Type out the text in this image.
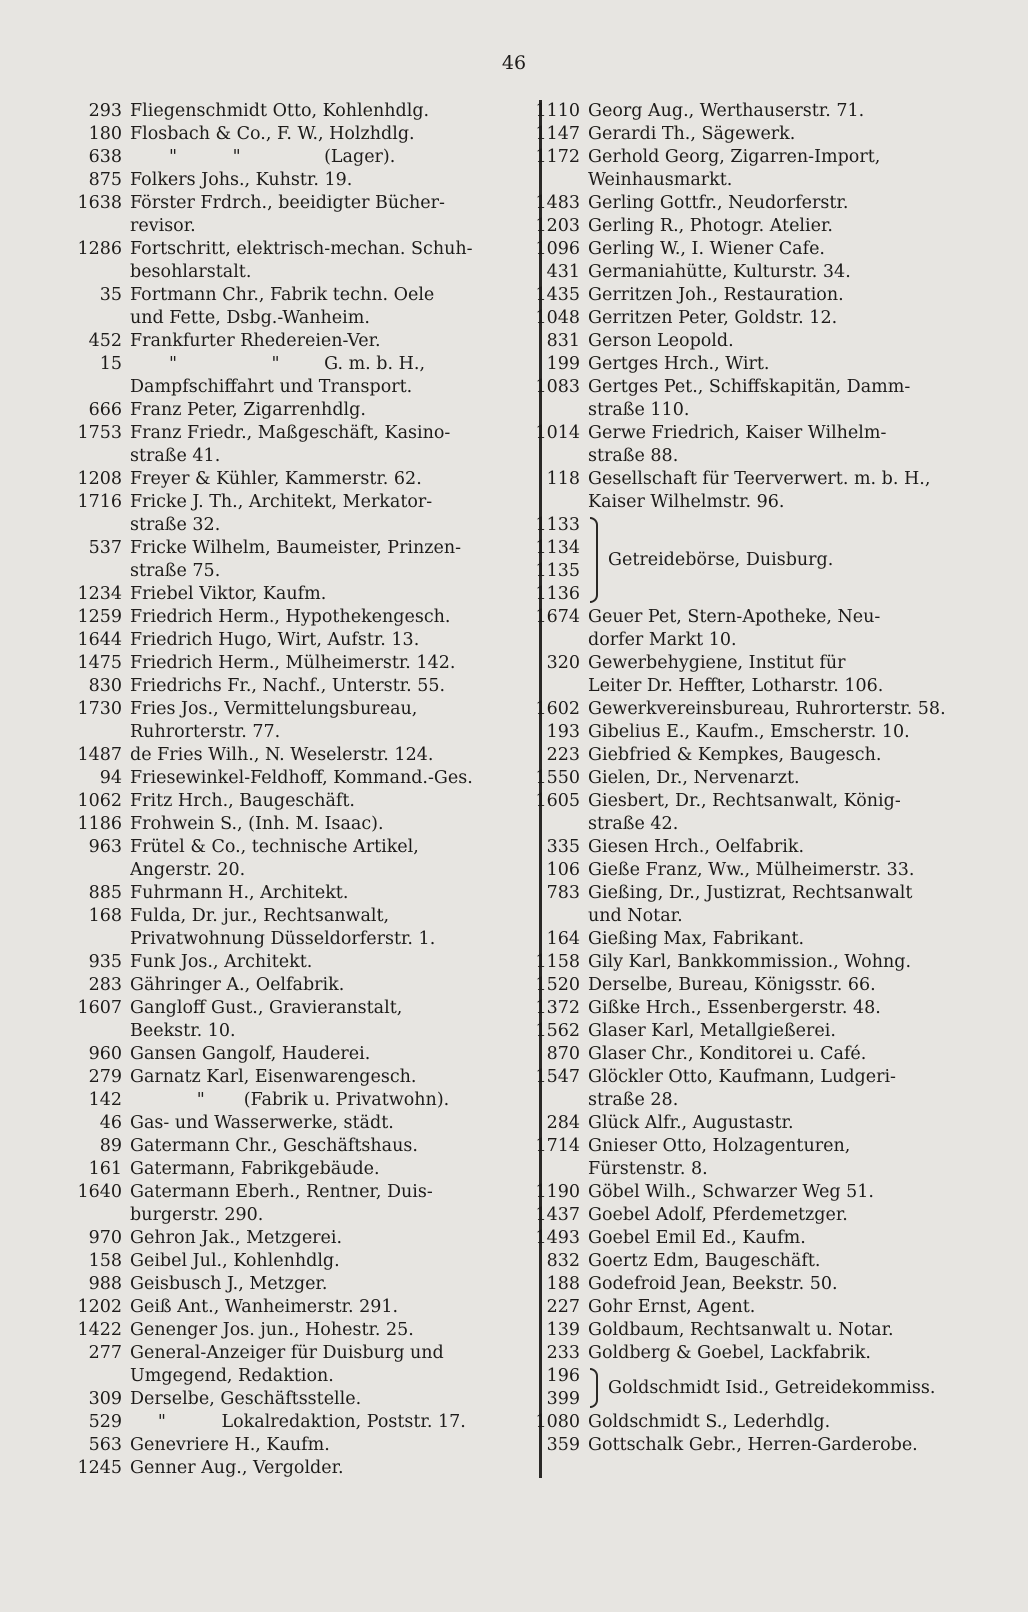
46
293 Fliegenschmidt Otto, Kohlenhdlg.
180 Flosbach & Co., F. W., Holzhdlg.
638 "          "               (Lager).
875 Folkers Johs., Kuhstr. 19.
1638 Förster Frdrch., beeidigter Bücher-
revisor.
1286 Fortschritt, elektrisch-mechan. Schuh-
besohlarstalt.
35 Fortmann Chr., Fabrik techn. Oele
und Fette, Dsbg.-Wanheim.
452 Frankfurter Rhedereien-Ver.
15 "                 "        G. m. b. H.,
Dampfschiffahrt und Transport.
666 Franz Peter, Zigarrenhdlg.
1753 Franz Friedr., Maßgeschäft, Kasino-
straße 41.
1208 Freyer & Kühler, Kammerstr. 62.
1716 Fricke J. Th., Architekt, Merkator-
straße 32.
537 Fricke Wilhelm, Baumeister, Prinzen-
straße 75.
1234 Friebel Viktor, Kaufm.
1259 Friedrich Herm., Hypothekengesch.
1644 Friedrich Hugo, Wirt, Aufstr. 13.
1475 Friedrich Herm., Mülheimerstr. 142.
830 Friedrichs Fr., Nachf., Unterstr. 55.
1730 Fries Jos., Vermittelungsbureau,
Ruhrorterstr. 77.
1487 de Fries Wilh., N. Weselerstr. 124.
94 Friesewinkel-Feldhoff, Kommand.-Ges.
1062 Fritz Hrch., Baugeschäft.
1186 Frohwein S., (Inh. M. Isaac).
963 Frütel & Co., technische Artikel,
Angerstr. 20.
885 Fuhrmann H., Architekt.
168 Fulda, Dr. jur., Rechtsanwalt,
Privatwohnung Düsseldorferstr. 1.
935 Funk Jos., Architekt.
283 Gähringer A., Oelfabrik.
1607 Gangloff Gust., Gravieranstalt,
Beekstr. 10.
960 Gansen Gangolf, Hauderei.
279 Garnatz Karl, Eisenwarengesch.
142 "       (Fabrik u. Privatwohn).
46 Gas- und Wasserwerke, städt.
89 Gatermann Chr., Geschäftshaus.
161 Gatermann, Fabrikgebäude.
1640 Gatermann Eberh., Rentner, Duis-
burgerstr. 290.
970 Gehron Jak., Metzgerei.
158 Geibel Jul., Kohlenhdlg.
988 Geisbusch J., Metzger.
1202 Geiß Ant., Wanheimerstr. 291.
1422 Genenger Jos. jun., Hohestr. 25.
277 General-Anzeiger für Duisburg und
Umgegend, Redaktion.
309 Derselbe, Geschäftsstelle.
529 "          Lokalredaktion, Poststr. 17.
563 Genevriere H., Kaufm.
1245 Genner Aug., Vergolder.
1110 Georg Aug., Werthauserstr. 71.
1147 Gerardi Th., Sägewerk.
1172 Gerhold Georg, Zigarren-Import,
Weinhausmarkt.
1483 Gerling Gottfr., Neudorferstr.
1203 Gerling R., Photogr. Atelier.
1096 Gerling W., I. Wiener Cafe.
431 Germaniahütte, Kulturstr. 34.
1435 Gerritzen Joh., Restauration.
1048 Gerritzen Peter, Goldstr. 12.
831 Gerson Leopold.
199 Gertges Hrch., Wirt.
1083 Gertges Pet., Schiffskapitän, Damm-
straße 110.
1014 Gerwe Friedrich, Kaiser Wilhelm-
straße 88.
118 Gesellschaft für Teerverwert. m. b. H.,
Kaiser Wilhelmstr. 96.
1133
1134
1135
1136
Getreidebörse, Duisburg.
1674 Geuer Pet, Stern-Apotheke, Neu-
dorfer Markt 10.
320 Gewerbehygiene, Institut für
Leiter Dr. Heffter, Lotharstr. 106.
1602 Gewerkvereinsbureau, Ruhrorterstr. 58.
193 Gibelius E., Kaufm., Emscherstr. 10.
223 Giebfried & Kempkes, Baugesch.
1550 Gielen, Dr., Nervenarzt.
1605 Giesbert, Dr., Rechtsanwalt, König-
straße 42.
335 Giesen Hrch., Oelfabrik.
106 Gieße Franz, Ww., Mülheimerstr. 33.
783 Gießing, Dr., Justizrat, Rechtsanwalt
und Notar.
164 Gießing Max, Fabrikant.
1158 Gily Karl, Bankkommission., Wohng.
1520 Derselbe, Bureau, Königsstr. 66.
1372 Gißke Hrch., Essenbergerstr. 48.
1562 Glaser Karl, Metallgießerei.
870 Glaser Chr., Konditorei u. Café.
1547 Glöckler Otto, Kaufmann, Ludgeri-
straße 28.
284 Glück Alfr., Augustastr.
1714 Gnieser Otto, Holzagenturen,
Fürstenstr. 8.
1190 Göbel Wilh., Schwarzer Weg 51.
1437 Goebel Adolf, Pferdemetzger.
1493 Goebel Emil Ed., Kaufm.
832 Goertz Edm, Baugeschäft.
188 Godefroid Jean, Beekstr. 50.
227 Gohr Ernst, Agent.
139 Goldbaum, Rechtsanwalt u. Notar.
233 Goldberg & Goebel, Lackfabrik.
196
399
Goldschmidt Isid., Getreidekommiss.
1080 Goldschmidt S., Lederhdlg.
359 Gottschalk Gebr., Herren-Garderobe.
